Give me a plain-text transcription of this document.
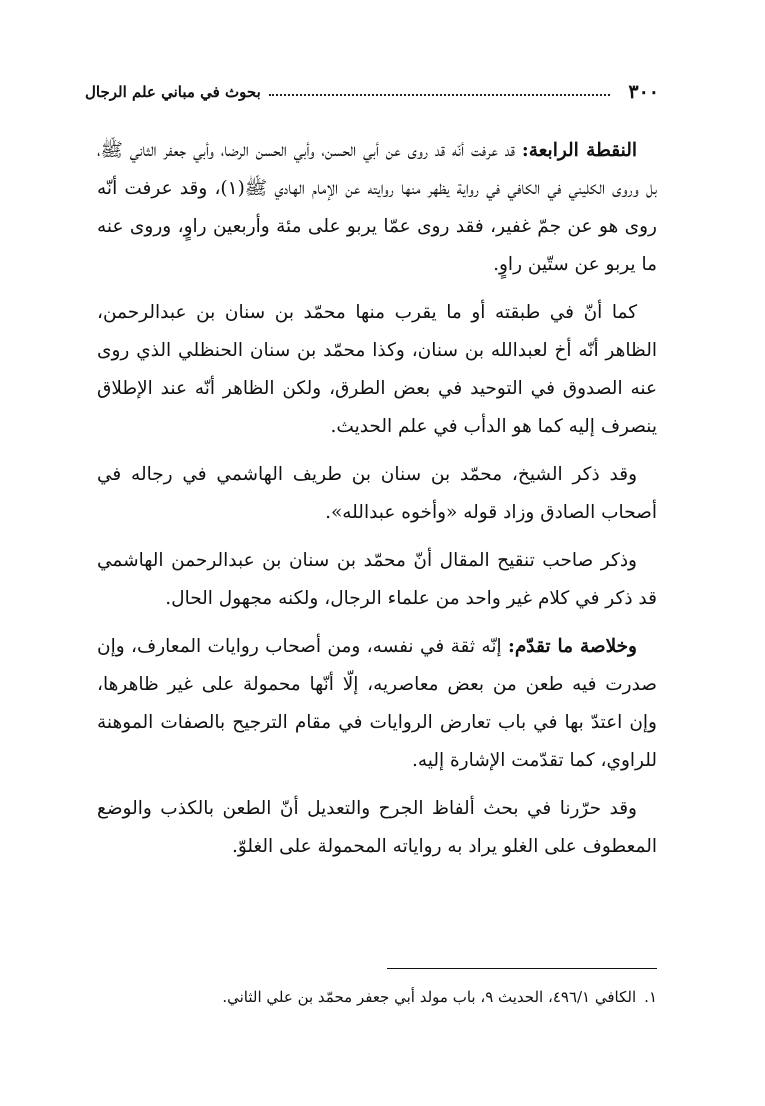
٣٠٠
بحوث في مباني علم الرجال

النقطة الرابعة: قد عرفت أنّه قد روى عن أبي الحسن، وأبي الحسن الرضا، وأبي جعفر الثاني ﷺ، بل وروى الكليني في الكافي في رواية يظهر منها روايته عن الإمام الهادي ﷺ(١)، وقد عرفت أنّه روى هو عن جمّ غفير، فقد روى عمّا يربو على مئة وأربعين راوٍ، وروى عنه ما يربو عن ستّين راوٍ.

كما أنّ في طبقته أو ما يقرب منها محمّد بن سنان بن عبدالرحمن، الظاهر أنّه أخ لعبدالله بن سنان، وكذا محمّد بن سنان الحنظلي الذي روى عنه الصدوق في التوحيد في بعض الطرق، ولكن الظاهر أنّه عند الإطلاق ينصرف إليه كما هو الدأب في علم الحديث.

وقد ذكر الشيخ، محمّد بن سنان بن طريف الهاشمي في رجاله في أصحاب الصادق وزاد قوله «وأخوه عبدالله».

وذكر صاحب تنقيح المقال أنّ محمّد بن سنان بن عبدالرحمن الهاشمي قد ذكر في كلام غير واحد من علماء الرجال، ولكنه مجهول الحال.

وخلاصة ما تقدّم: إنّه ثقة في نفسه، ومن أصحاب روايات المعارف، وإن صدرت فيه طعن من بعض معاصريه، إلّا أنّها محمولة على غير ظاهرها، وإن اعتدّ بها في باب تعارض الروايات في مقام الترجيح بالصفات الموهنة للراوي، كما تقدّمت الإشارة إليه.

وقد حرّرنا في بحث ألفاظ الجرح والتعديل أنّ الطعن بالكذب والوضع المعطوف على الغلو يراد به رواياته المحمولة على الغلوّ.

١.
الكافي ٤٩٦/١، الحديث ٩، باب مولد أبي جعفر محمّد بن علي الثاني.
